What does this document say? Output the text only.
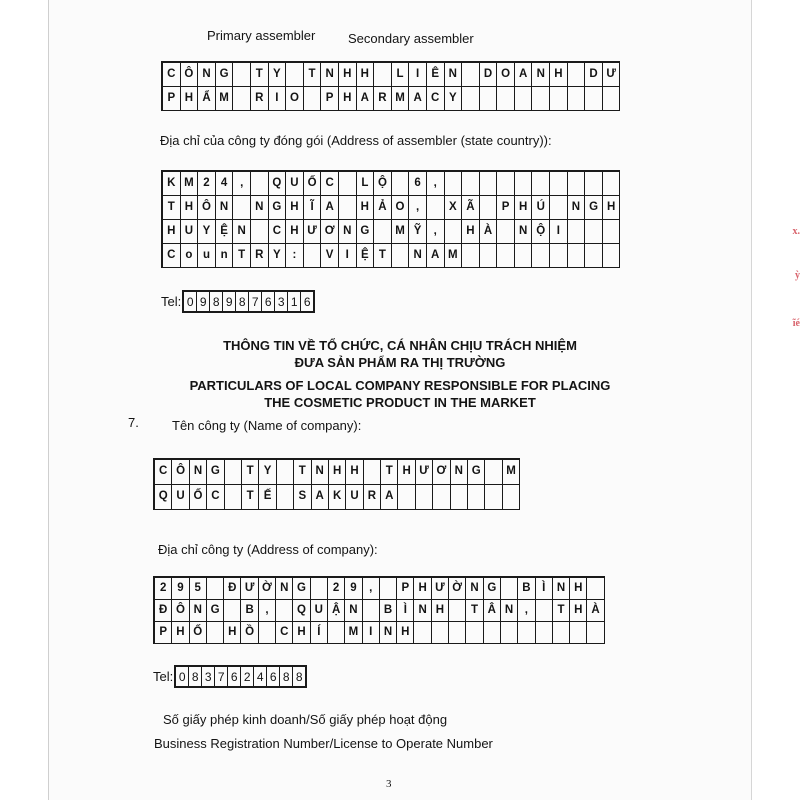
Primary assembler	Secondary assembler
C Ô N G	T Y	T N H H	L	I	Ê N	D O A N H	D Ư
P H Ẩ M	R	I	O	P H A R M A C Y
Địa chỉ của công ty đóng gói (Address of assembler (state country)):
K M 2 4	,	Q U Ố C	L Ộ	6	,
T H Ô N	N G H	Ĩ	A	H Ả O	,	X Ã	P H Ú	N G H
H U Y Ệ N	C H Ư Ơ N G	M Ỹ	,	H À	N Ộ	I
C o u n T R Y	:	V	I	Ệ T	N A M
Tel: 0 9 8 9 8 7 6 3 1 6
THÔNG TIN VỀ TỔ CHỨC, CÁ NHÂN CHỊU TRÁCH NHIỆM
ĐƯA SẢN PHẨM RA THỊ TRƯỜNG
PARTICULARS OF LOCAL COMPANY RESPONSIBLE FOR PLACING
THE COSMETIC PRODUCT IN THE MARKET
7.	Tên công ty (Name of company):
C Ô N G	T Y	T N H H	T H Ư Ơ N G	M
Q U Ố C	T Ế	S A K U R A
Địa chỉ công ty (Address of company):
2 9 5	Đ Ư Ờ N G	2 9	,	P H Ư Ờ N G	B	Ì	N H
Đ Ô N G	B	,	Q U Ậ N	B	Ì	N H	T Â N	,	T H À
P H Ố	H Ồ	C H	Í	M I	N H
Tel: 0 8 3 7 6 2 4 6 8 8
Số giấy phép kinh doanh/Số giấy phép hoạt động
Business Registration Number/License to Operate Number
3
x.
ỳ
ĩé
